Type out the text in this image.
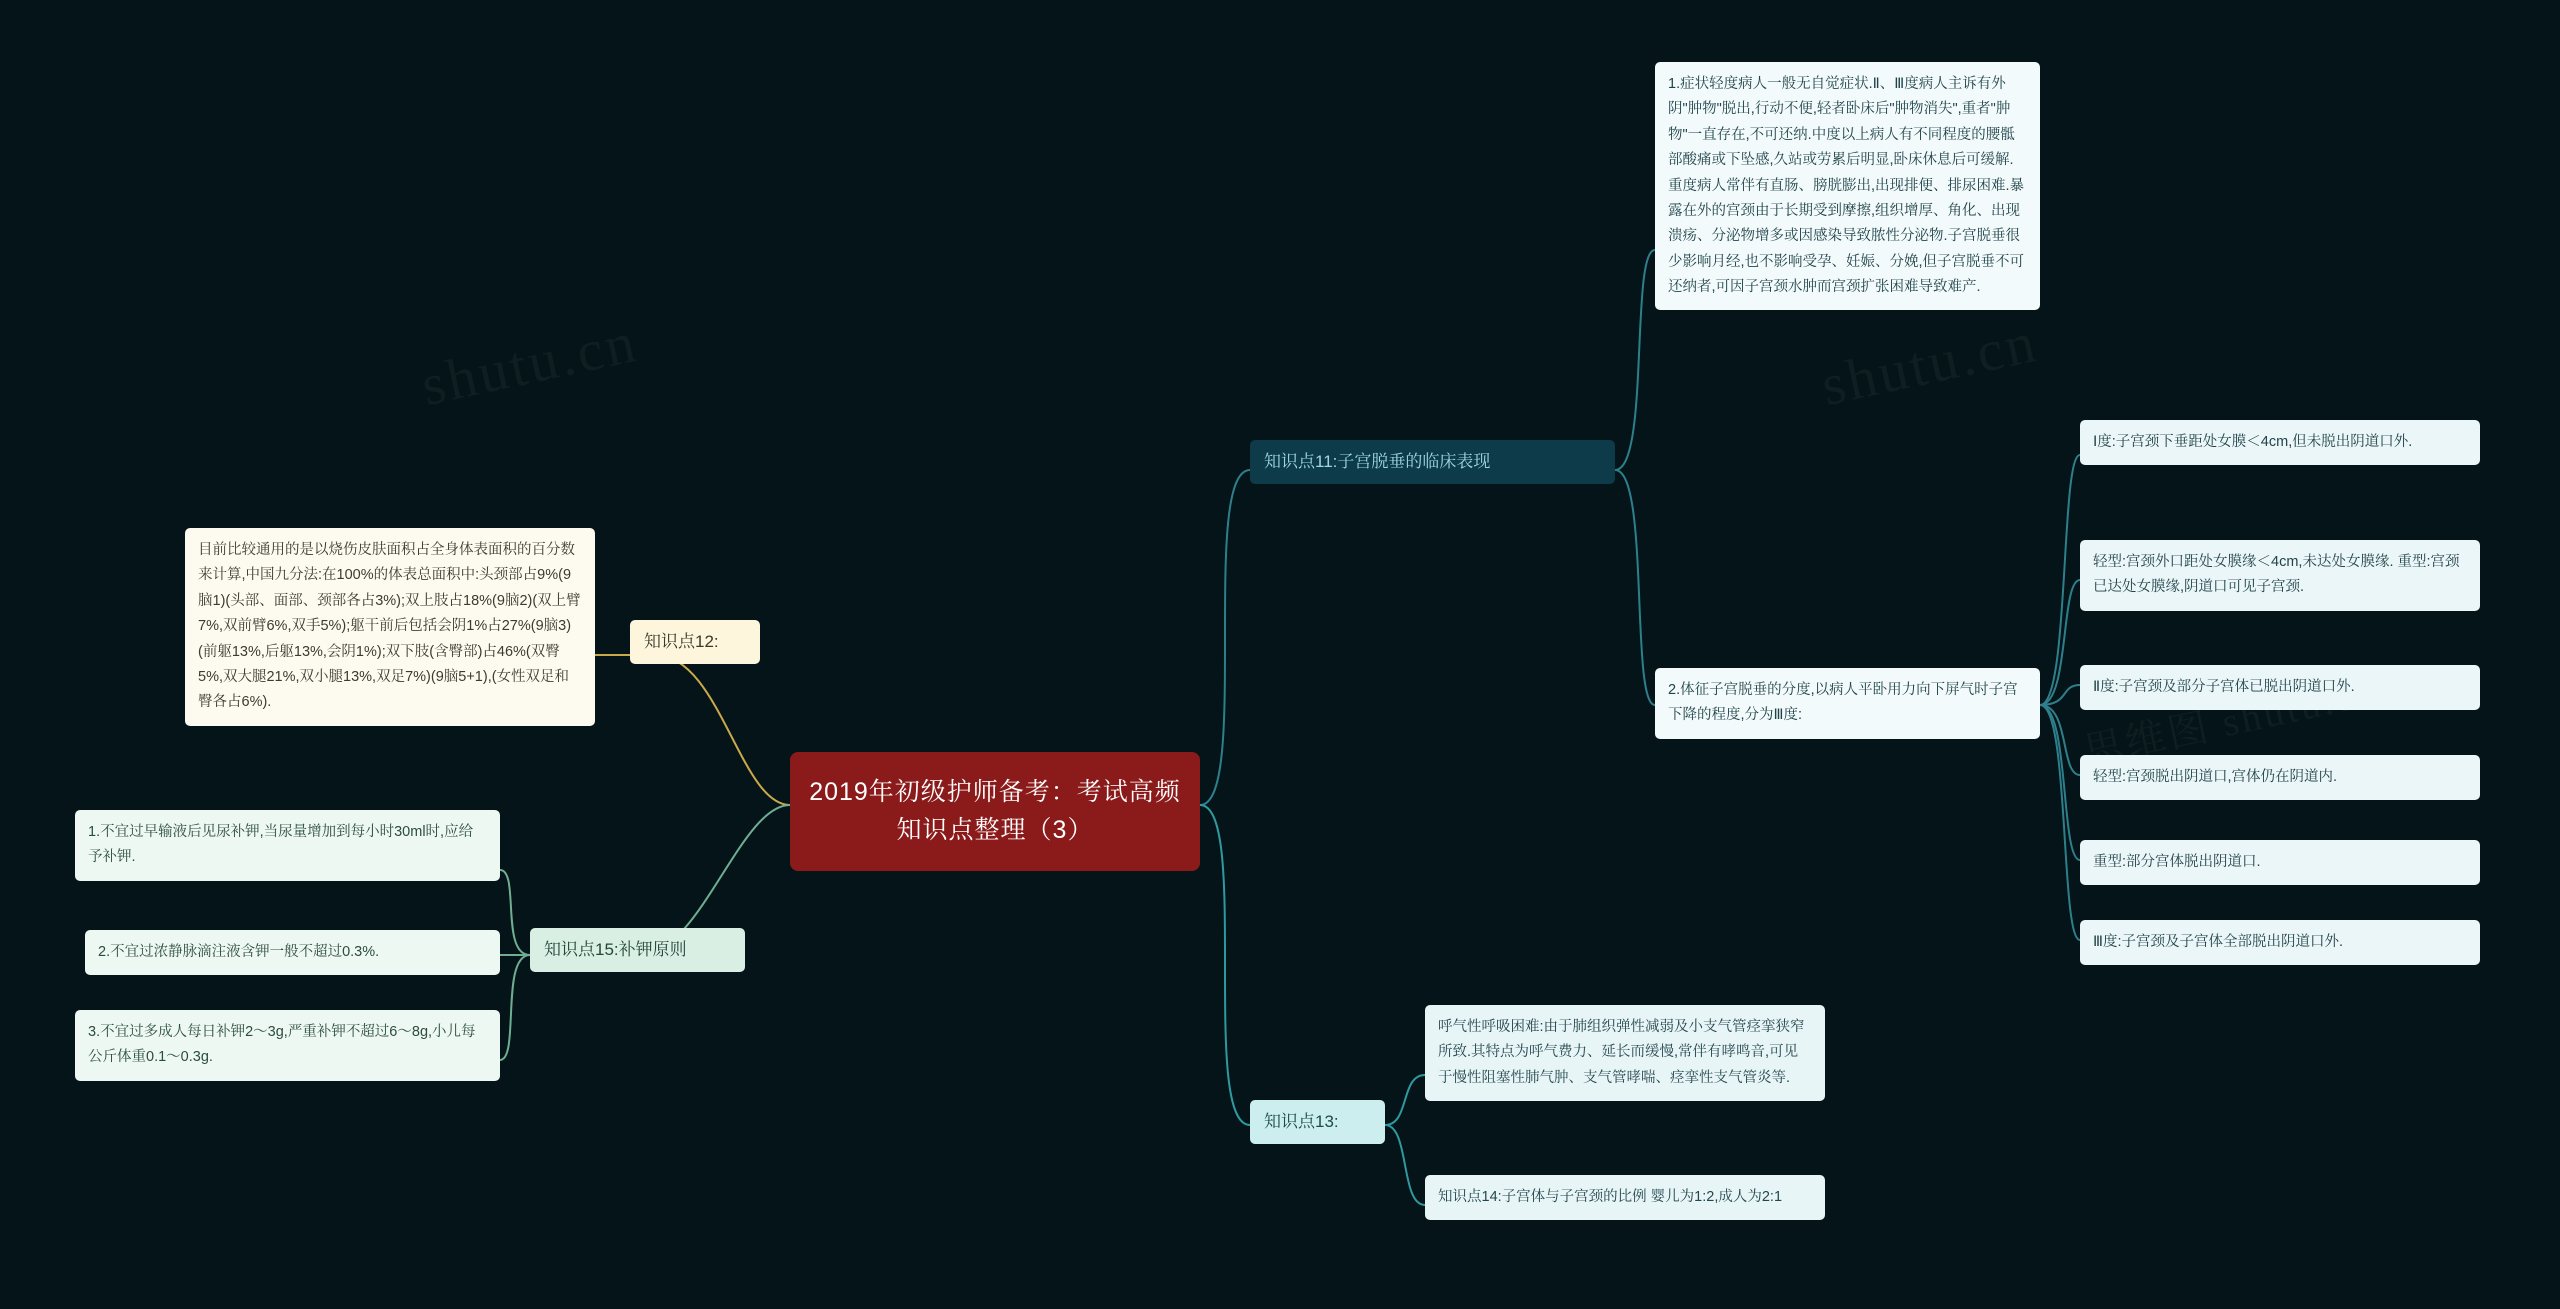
2019年初级护师备考：考试高频知识点整理（3）
知识点12:
目前比较通用的是以烧伤皮肤面积占全身体表面积的百分数来计算,中国九分法:在100%的体表总面积中:头颈部占9%(9脑1)(头部、面部、颈部各占3%);双上肢占18%(9脑2)(双上臂7%,双前臂6%,双手5%);躯干前后包括会阴1%占27%(9脑3)(前躯13%,后躯13%,会阴1%);双下肢(含臀部)占46%(双臀5%,双大腿21%,双小腿13%,双足7%)(9脑5+1),(女性双足和臀各占6%).
知识点15:补钾原则
1.不宜过早输液后见尿补钾,当尿量增加到每小时30ml时,应给予补钾.
2.不宜过浓静脉滴注液含钾一般不超过0.3%.
3.不宜过多成人每日补钾2～3g,严重补钾不超过6～8g,小儿每公斤体重0.1～0.3g.
知识点11:子宫脱垂的临床表现
1.症状轻度病人一般无自觉症状.Ⅱ、Ⅲ度病人主诉有外阴"肿物"脱出,行动不便,轻者卧床后"肿物消失",重者"肿物"一直存在,不可还纳.中度以上病人有不同程度的腰骶部酸痛或下坠感,久站或劳累后明显,卧床休息后可缓解.重度病人常伴有直肠、膀胱膨出,出现排便、排尿困难.暴露在外的宫颈由于长期受到摩擦,组织增厚、角化、出现溃疡、分泌物增多或因感染导致脓性分泌物.子宫脱垂很少影响月经,也不影响受孕、妊娠、分娩,但子宫脱垂不可还纳者,可因子宫颈水肿而宫颈扩张困难导致难产.
2.体征子宫脱垂的分度,以病人平卧用力向下屏气时子宫下降的程度,分为Ⅲ度:
Ⅰ度:子宫颈下垂距处女膜＜4cm,但未脱出阴道口外.
轻型:宫颈外口距处女膜缘＜4cm,未达处女膜缘. 重型:宫颈已达处女膜缘,阴道口可见子宫颈.
Ⅱ度:子宫颈及部分子宫体已脱出阴道口外.
轻型:宫颈脱出阴道口,宫体仍在阴道内.
重型:部分宫体脱出阴道口.
Ⅲ度:子宫颈及子宫体全部脱出阴道口外.
知识点13:
呼气性呼吸困难:由于肺组织弹性减弱及小支气管痉挛狭窄所致.其特点为呼气费力、延长而缓慢,常伴有哮鸣音,可见于慢性阻塞性肺气肿、支气管哮喘、痉挛性支气管炎等.
知识点14:子宫体与子宫颈的比例 婴儿为1:2,成人为2:1
